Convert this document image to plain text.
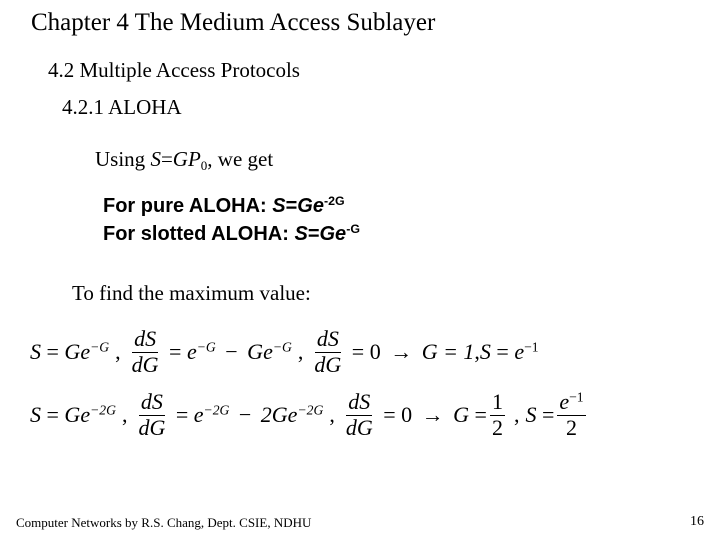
Chapter 4 The Medium Access Sublayer
4.2 Multiple Access Protocols
4.2.1 ALOHA
Using $S=GP_0$, we get
For pure ALOHA: $S=Ge^{-2G}$
For slotted ALOHA: $S=Ge^{-G}$
To find the maximum value:
$S = Ge^{-G}$ , $\frac{dS}{dG} = e^{-G} - Ge^{-G}$ , $\frac{dS}{dG} = 0 \to G = 1,S = e^{-1}$
$S = Ge^{-2G}$ , $\frac{dS}{dG} = e^{-2G} - 2Ge^{-2G}$ , $\frac{dS}{dG} = 0 \to G = \frac{1}{2}$ , $S = \frac{e^{-1}}{2}$
Computer Networks by R.S. Chang, Dept. CSIE, NDHU	16
